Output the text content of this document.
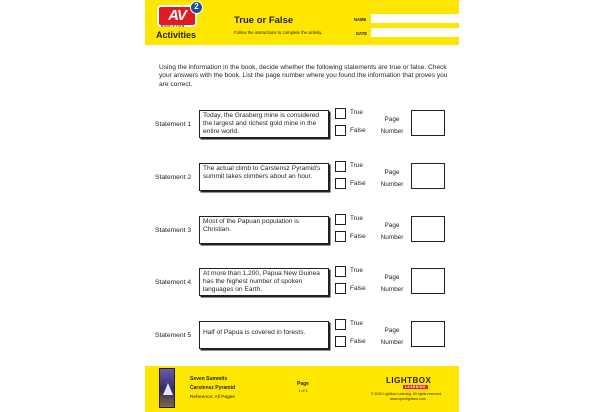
AV
2
NONFICTION
Activities
True or False
Follow the instructions to complete the activity.
NAME
DATE
Using the information in the book, decide whether the following statements are true or false. Check your answers with the book. List the page number where you found the information that proves you are correct.
Statement 1
Today, the Grasberg mine is considered the largest and richest gold mine in the entire world.
True
False
Page Number
Statement 2
The actual climb to Carstensz Pyramid's summit takes climbers about an hour.
True
False
Page Number
Statement 3
Most of the Papuan population is Christian.
True
False
Page Number
Statement 4
At more than 1,200, Papua New Guinea has the highest number of spoken languages on Earth.
True
False
Page Number
Statement 5	Half of Papua is covered in forests.
True
False
Page Number
Seven Summits
Carstensz Pyramid
Reference: All Pages
Page
1 of 1
LIGHTBOX
LEARNING
© 2020 Lightbox Learning. All rights reserved.
www.openlightbox.com
